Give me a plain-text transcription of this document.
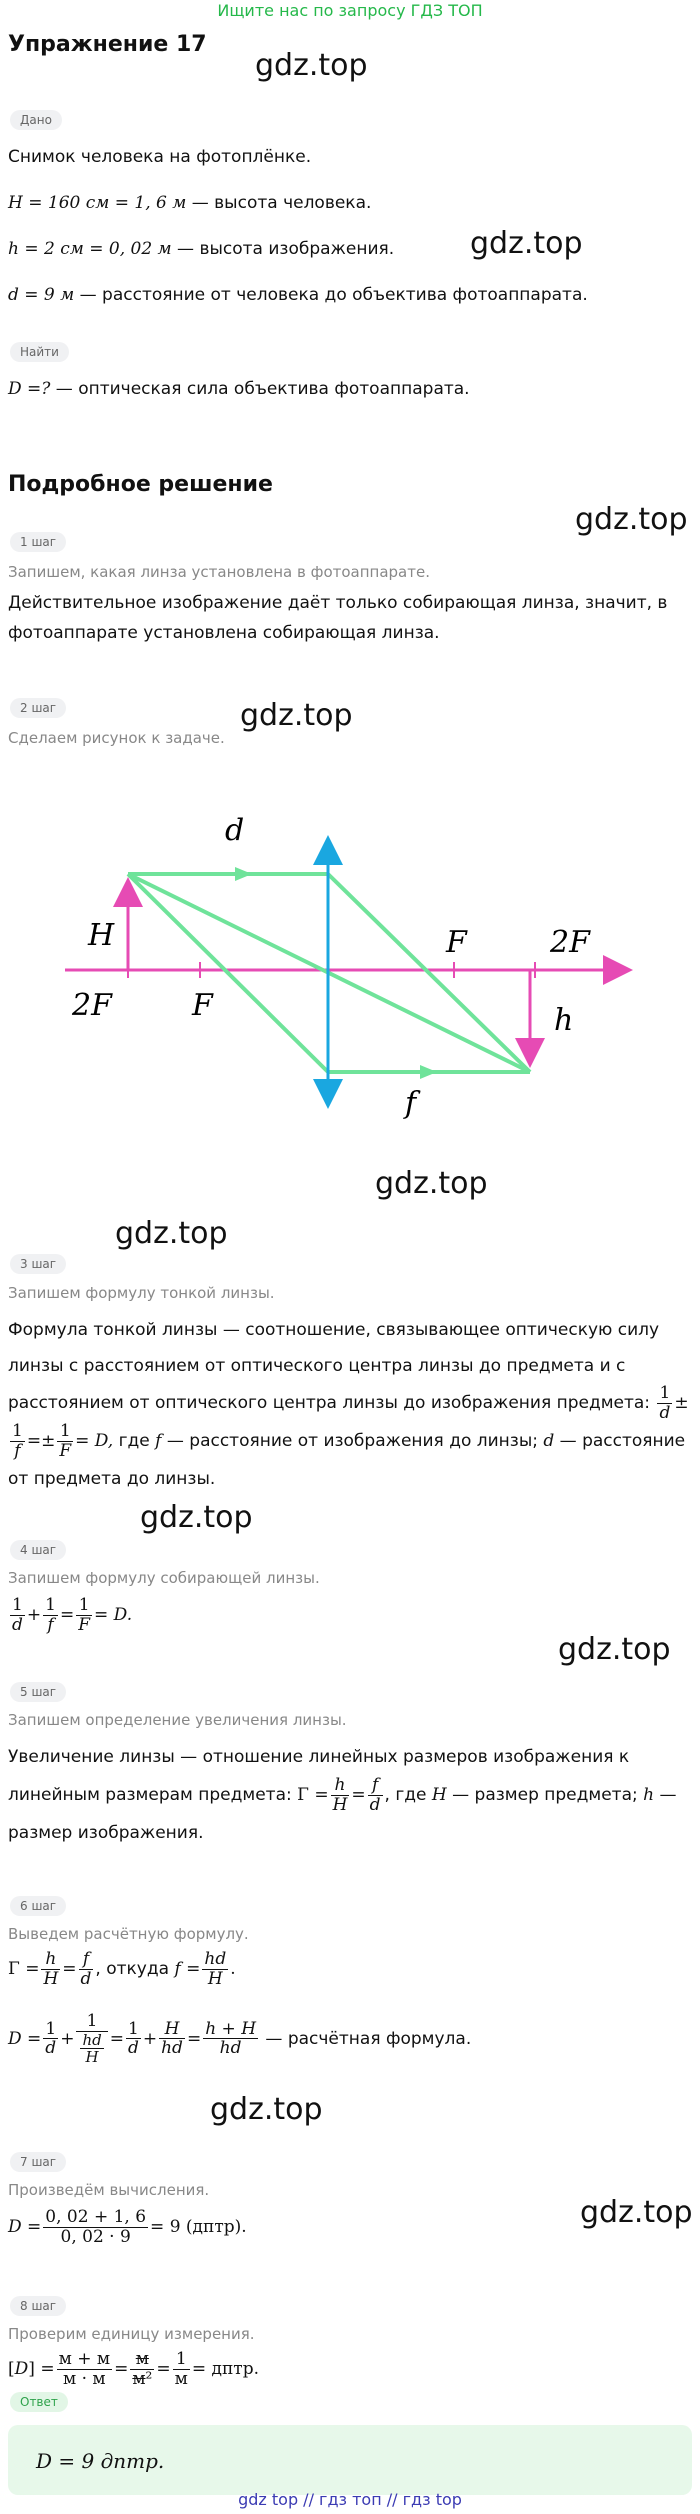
Ищите нас по запросу ГДЗ ТОП
Упражнение 17
gdz.top
gdz.top
gdz.top
gdz.top
gdz.top
gdz.top
gdz.top
gdz.top
gdz.top
gdz.top
Дано
Снимок человека на фотоплёнке.
H = 160 см = 1, 6 м — высота человека.
h = 2 см = 0, 02 м — высота изображения.
d = 9 м — расстояние от человека до объектива фотоаппарата.
Найти
D =? — оптическая сила объектива фотоаппарата.
Подробное решение
1 шаг
Запишем, какая линза установлена в фотоаппарате.
Действительное изображение даёт только собирающая линза, значит, в фотоаппарате установлена собирающая линза.
2 шаг
Сделаем рисунок к задаче.
d
H
2F	F
F	2F
h
f
3 шаг
Запишем формулу тонкой линзы.
Формула тонкой линзы — соотношение, связывающее оптическую силу линзы с расстоянием от оптического центра линзы до предмета и с расстоянием от оптического центра линзы до изображения предмета: $\frac{1}{d}$ ±
$\frac{1}{f} =\pm \frac{1}{F} = D$, где f — расстояние от изображения до линзы; d — расстояние от предмета до линзы.
4 шаг
Запишем формулу собирающей линзы.
$\frac{1}{d} + \frac{1}{f} = \frac{1}{F} = D$.
5 шаг
Запишем определение увеличения линзы.
Увеличение линзы — отношение линейных размеров изображения к линейным размерам предмета: $\Gamma = \frac{h}{H} = \frac{f}{d}$ , где H — размер предмета; h — размер изображения.
6 шаг
Выведем расчётную формулу.
$\Gamma = \frac{h}{H} = \frac{f}{d}$ , откуда $f = \frac{hd}{H}$ .
$D = \frac{1}{d} + \frac{1}{\frac{hd}{H}} = \frac{1}{d} + \frac{H}{hd} = \frac{h + H}{hd}$ — расчётная формула.
7 шаг
Произведём вычисления.
$D = \frac{0, 02 + 1, 6}{0, 02 \cdot 9} = 9$ (дптр).
8 шаг
Проверим единицу измерения.
$[D] = \frac{м + м}{м \cdot м} = \frac{м}{\text{м²}} = \frac{1}{м}$ = дптр.
Ответ
D = 9 дптр.
gdz top // гдз топ // гдз top
